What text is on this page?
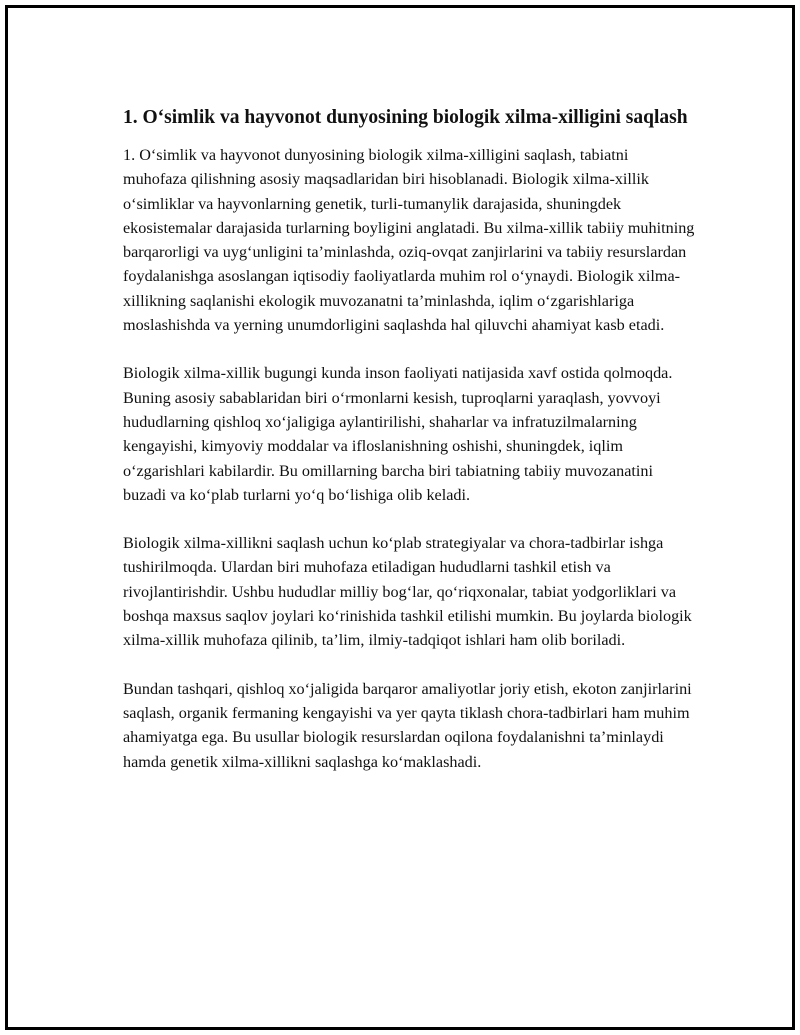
1. O‘simlik va hayvonot dunyosining biologik xilma-xilligini saqlash

1. O‘simlik va hayvonot dunyosining biologik xilma-xilligini saqlash, tabiatni muhofaza qilishning asosiy maqsadlaridan biri hisoblanadi. Biologik xilma-xillik o‘simliklar va hayvonlarning genetik, turli-tumanylik darajasida, shuningdek ekosistemalar darajasida turlarning boyligini anglatadi. Bu xilma-xillik tabiiy muhitning barqarorligi va uyg‘unligini ta’minlashda, oziq-ovqat zanjirlarini va tabiiy resurslardan foydalanishga asoslangan iqtisodiy faoliyatlarda muhim rol o‘ynaydi. Biologik xilma-xillikning saqlanishi ekologik muvozanatni ta’minlashda, iqlim o‘zgarishlariga moslashishda va yerning unumdorligini saqlashda hal qiluvchi ahamiyat kasb etadi.

Biologik xilma-xillik bugungi kunda inson faoliyati natijasida xavf ostida qolmoqda. Buning asosiy sabablaridan biri o‘rmonlarni kesish, tuproqlarni yaraqlash, yovvoyi hududlarning qishloq xo‘jaligiga aylantirilishi, shaharlar va infratuzilmalarning kengayishi, kimyoviy moddalar va ifloslanishning oshishi, shuningdek, iqlim o‘zgarishlari kabilardir. Bu omillarning barcha biri tabiatning tabiiy muvozanatini buzadi va ko‘plab turlarni yo‘q bo‘lishiga olib keladi.

Biologik xilma-xillikni saqlash uchun ko‘plab strategiyalar va chora-tadbirlar ishga tushirilmoqda. Ulardan biri muhofaza etiladigan hududlarni tashkil etish va rivojlantirishdir. Ushbu hududlar milliy bog‘lar, qo‘riqxonalar, tabiat yodgorliklari va boshqa maxsus saqlov joylari ko‘rinishida tashkil etilishi mumkin. Bu joylarda biologik xilma-xillik muhofaza qilinib, ta’lim, ilmiy-tadqiqot ishlari ham olib boriladi.

Bundan tashqari, qishloq xo‘jaligida barqaror amaliyotlar joriy etish, ekoton zanjirlarini saqlash, organik fermaning kengayishi va yer qayta tiklash chora-tadbirlari ham muhim ahamiyatga ega. Bu usullar biologik resurslardan oqilona foydalanishni ta’minlaydi hamda genetik xilma-xillikni saqlashga ko‘maklashadi.
